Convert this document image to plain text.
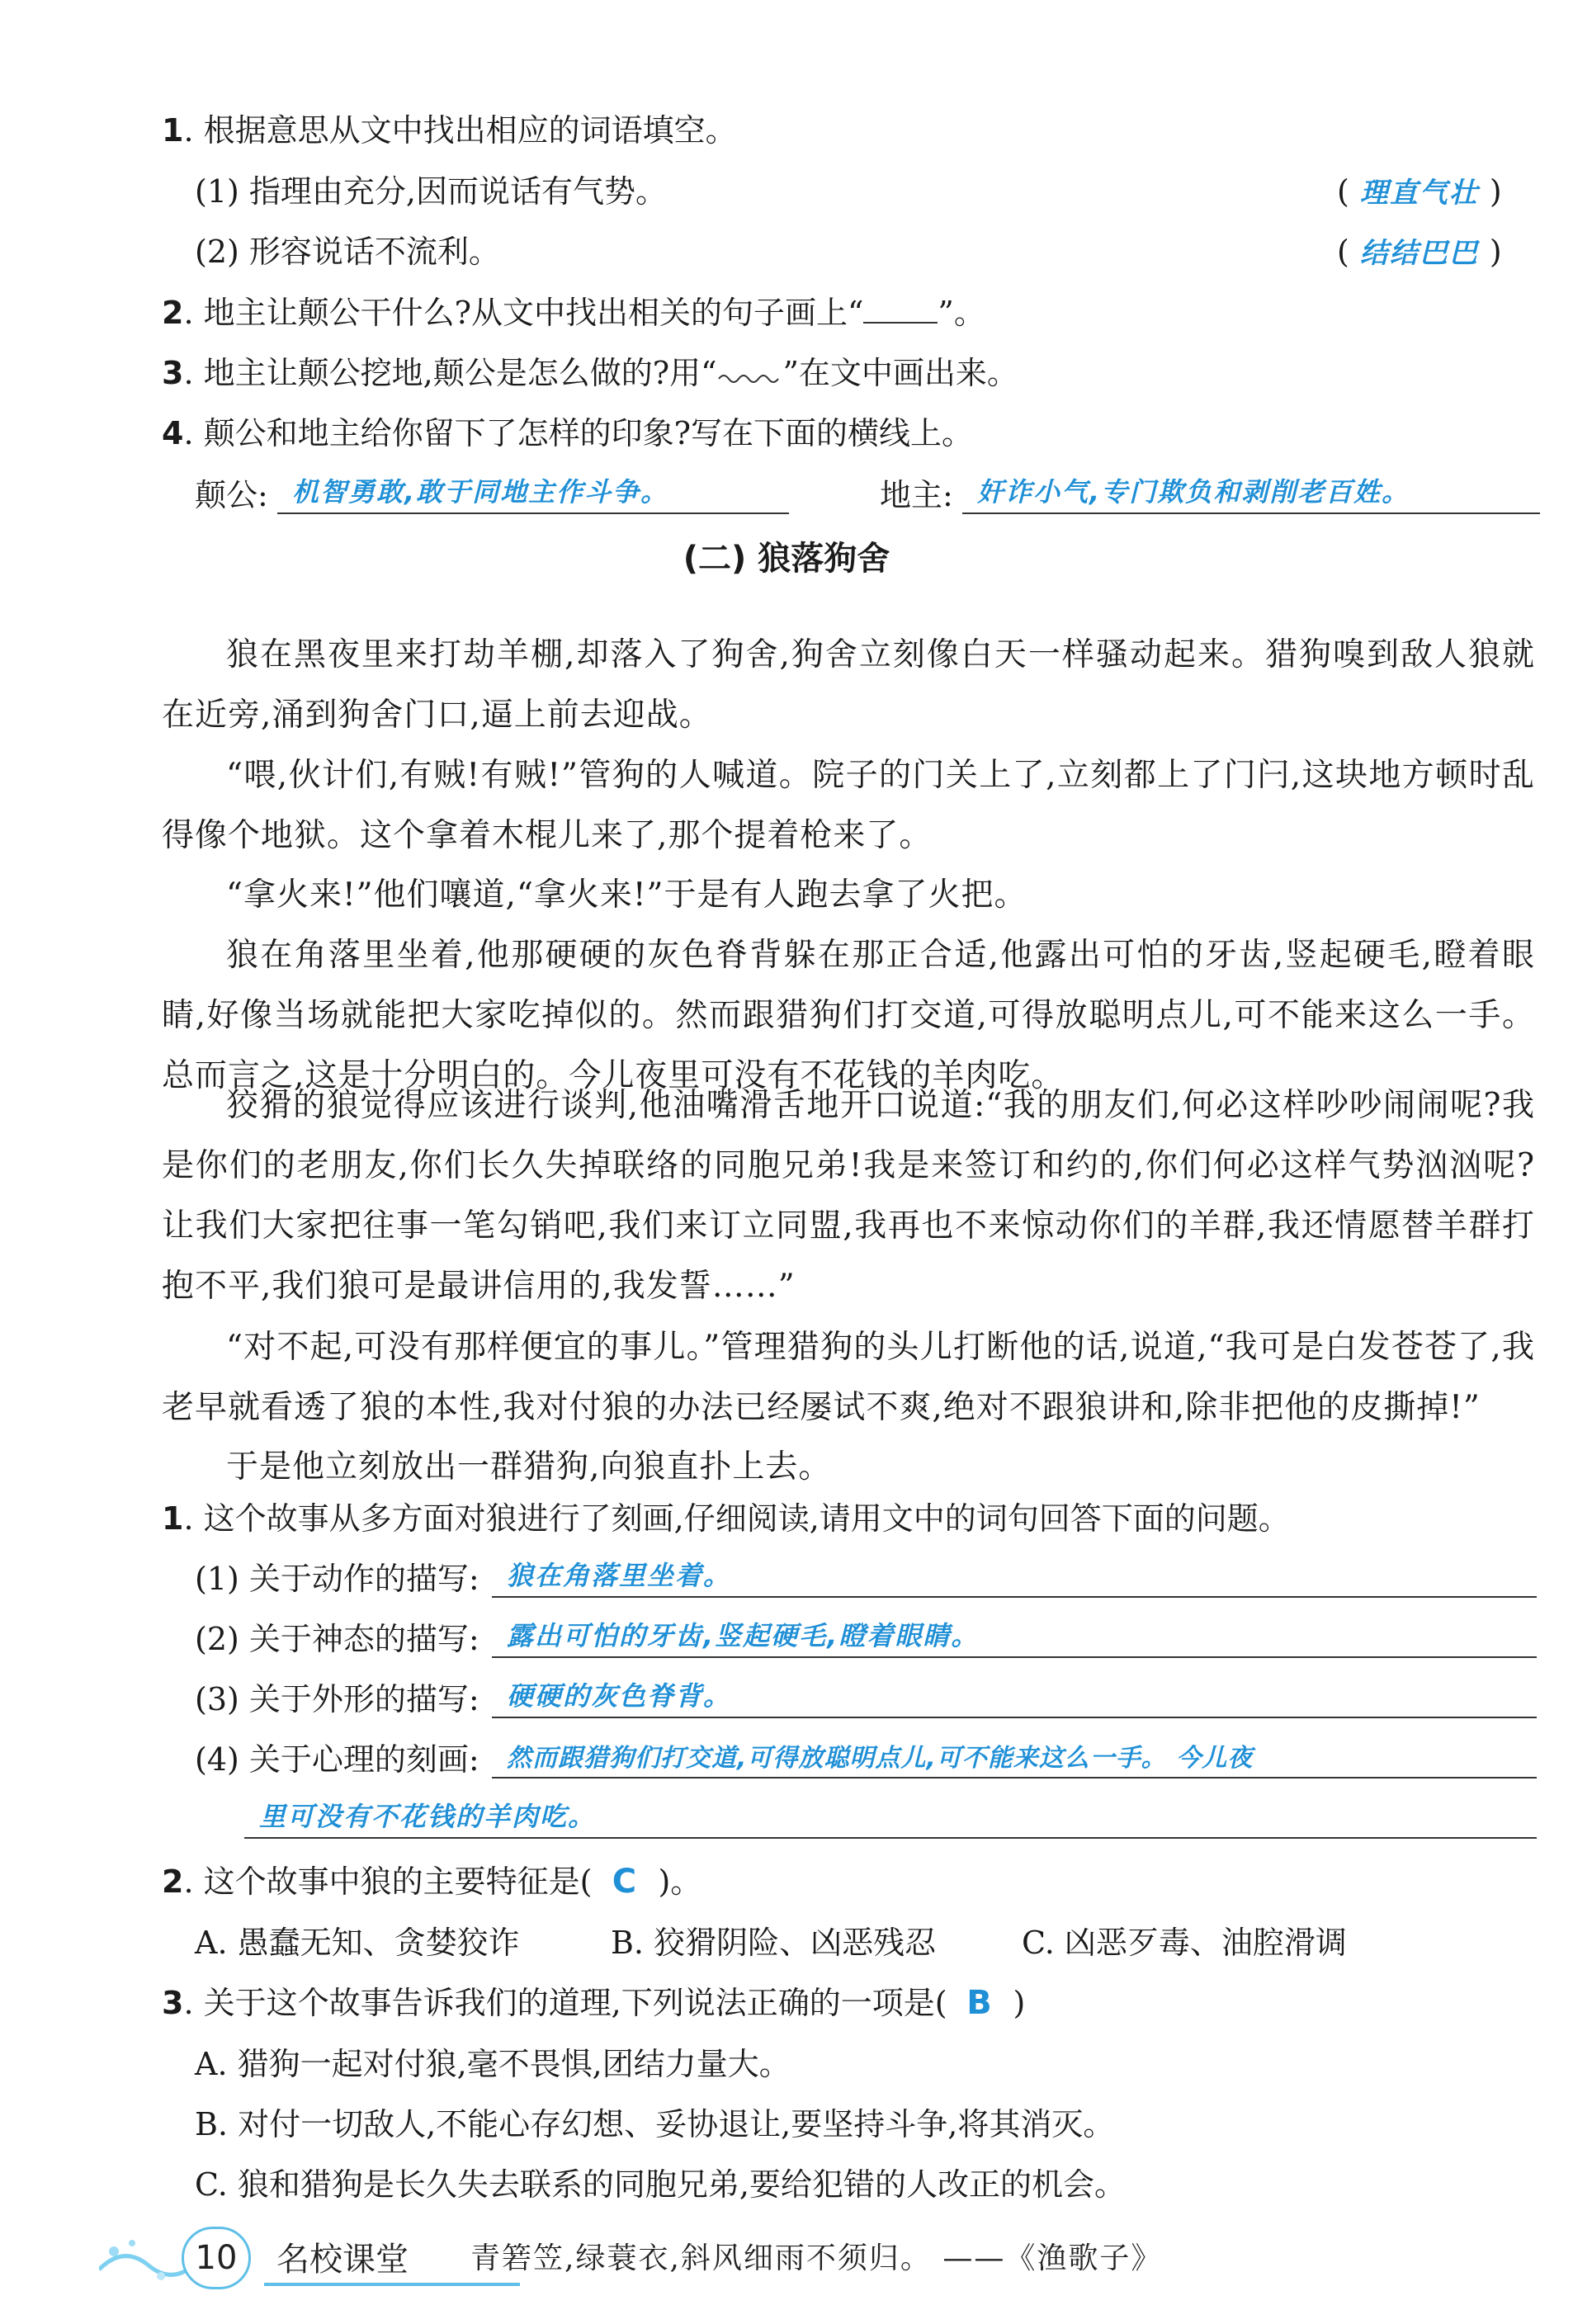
1. 根据意思从文中找出相应的词语填空。
(1) 指理由充分,因而说话有气势。	( 理直气壮 )
(2) 形容说话不流利。	( 结结巴巴 )
2. 地主让颠公干什么?从文中找出相关的句子画上“ ”。
3. 地主让颠公挖地,颠公是怎么做的?用“ ”在文中画出来。
4. 颠公和地主给你留下了怎样的印象?写在下面的横线上。
颠公: 机智勇敢,敢于同地主作斗争。	地主: 奸诈小气,专门欺负和剥削老百姓。
(二) 狼落狗舍
狼在黑夜里来打劫羊棚,却落入了狗舍,狗舍立刻像白天一样骚动起来。猎狗嗅到敌人狼就在近旁,涌到狗舍门口,逼上前去迎战。
“喂,伙计们,有贼!有贼!”管狗的人喊道。院子的门关上了,立刻都上了门闩,这块地方顿时乱得像个地狱。这个拿着木棍儿来了,那个提着枪来了。
“拿火来!”他们嚷道,“拿火来!”于是有人跑去拿了火把。
狼在角落里坐着,他那硬硬的灰色脊背躲在那正合适,他露出可怕的牙齿,竖起硬毛,瞪着眼睛,好像当场就能把大家吃掉似的。然而跟猎狗们打交道,可得放聪明点儿,可不能来这么一手。总而言之,这是十分明白的。今儿夜里可没有不花钱的羊肉吃。
狡猾的狼觉得应该进行谈判,他油嘴滑舌地开口说道:“我的朋友们,何必这样吵吵闹闹呢?我是你们的老朋友,你们长久失掉联络的同胞兄弟!我是来签订和约的,你们何必这样气势汹汹呢?让我们大家把往事一笔勾销吧,我们来订立同盟,我再也不来惊动你们的羊群,我还情愿替羊群打抱不平,我们狼可是最讲信用的,我发誓……”
“对不起,可没有那样便宜的事儿。”管理猎狗的头儿打断他的话,说道,“我可是白发苍苍了,我老早就看透了狼的本性,我对付狼的办法已经屡试不爽,绝对不跟狼讲和,除非把他的皮撕掉!”
于是他立刻放出一群猎狗,向狼直扑上去。
1. 这个故事从多方面对狼进行了刻画,仔细阅读,请用文中的词句回答下面的问题。
(1) 关于动作的描写: 狼在角落里坐着。
(2) 关于神态的描写: 露出可怕的牙齿,竖起硬毛,瞪着眼睛。
(3) 关于外形的描写: 硬硬的灰色脊背。
(4) 关于心理的刻画: 然而跟猎狗们打交道,可得放聪明点儿,可不能来这么一手。 今儿夜
里可没有不花钱的羊肉吃。
2. 这个故事中狼的主要特征是( C )。
A. 愚蠢无知、贪婪狡诈	B. 狡猾阴险、凶恶残忍	C. 凶恶歹毒、油腔滑调
3. 关于这个故事告诉我们的道理,下列说法正确的一项是( B )
A. 猎狗一起对付狼,毫不畏惧,团结力量大。
B. 对付一切敌人,不能心存幻想、妥协退让,要坚持斗争,将其消灭。
C. 狼和猎狗是长久失去联系的同胞兄弟,要给犯错的人改正的机会。
10	名校课堂 青箬笠,绿蓑衣,斜风细雨不须归。 ——《渔歌子》
